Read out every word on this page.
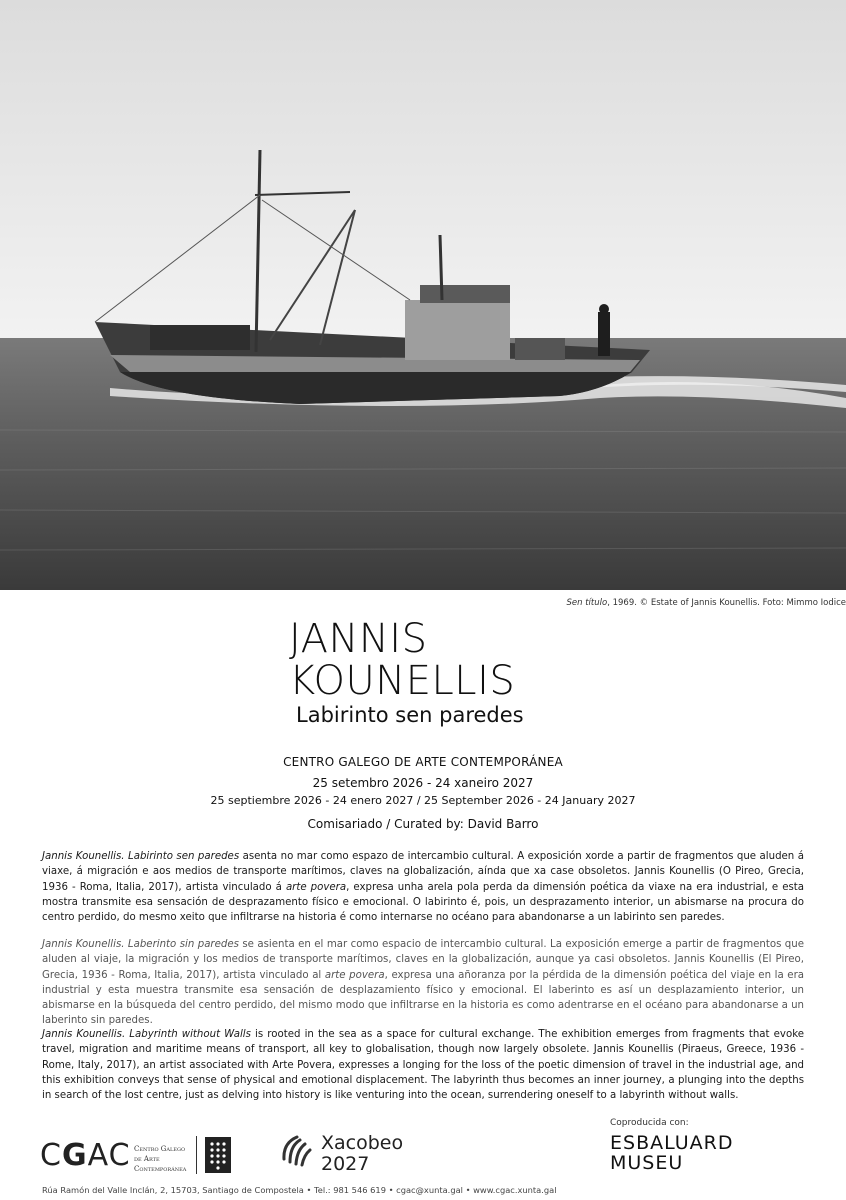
Sen título, 1969. © Estate of Jannis Kounellis. Foto: Mimmo Iodice
JANNIS
KOUNELLIS
Labirinto sen paredes
CENTRO GALEGO DE ARTE CONTEMPORÁNEA
25 setembro 2026 - 24 xaneiro 2027
25 septiembre 2026 - 24 enero 2027 / 25 September 2026 - 24 January 2027
Comisariado / Curated by: David Barro
Jannis Kounellis. Labirinto sen paredes asenta no mar como espazo de intercambio cultural. A exposición xorde a partir de fragmentos que aluden á viaxe, á migración e aos medios de transporte marítimos, claves na globalización, aínda que xa case obsoletos. Jannis Kounellis (O Pireo, Grecia, 1936 - Roma, Italia, 2017), artista vinculado á arte povera, expresa unha arela pola perda da dimensión poética da viaxe na era industrial, e esta mostra transmite esa sensación de desprazamento físico e emocional. O labirinto é, pois, un desprazamento interior, un abismarse na procura do centro perdido, do mesmo xeito que infiltrarse na historia é como internarse no océano para abandonarse a un labirinto sen paredes.
Jannis Kounellis. Laberinto sin paredes se asienta en el mar como espacio de intercambio cultural. La exposición emerge a partir de fragmentos que aluden al viaje, la migración y los medios de transporte marítimos, claves en la globalización, aunque ya casi obsoletos. Jannis Kounellis (El Pireo, Grecia, 1936 - Roma, Italia, 2017), artista vinculado al arte povera, expresa una añoranza por la pérdida de la dimensión poética del viaje en la era industrial y esta muestra transmite esa sensación de desplazamiento físico y emocional. El laberinto es así un desplazamiento interior, un abismarse en la búsqueda del centro perdido, del mismo modo que infiltrarse en la historia es como adentrarse en el océano para abandonarse a un laberinto sin paredes.
Jannis Kounellis. Labyrinth without Walls is rooted in the sea as a space for cultural exchange. The exhibition emerges from fragments that evoke travel, migration and maritime means of transport, all key to globalisation, though now largely obsolete. Jannis Kounellis (Piraeus, Greece, 1936 - Rome, Italy, 2017), an artist associated with Arte Povera, expresses a longing for the loss of the poetic dimension of travel in the industrial age, and this exhibition conveys that sense of physical and emotional displacement. The labyrinth thus becomes an inner journey, a plunging into the depths in search of the lost centre, just as delving into history is like venturing into the ocean, surrendering oneself to a labyrinth without walls.
CGAC Centro Galego
de Arte
Contemporánea
Xacobeo
2027
Coproducida con:
ESBALUARD
MUSEU
Rúa Ramón del Valle Inclán, 2, 15703, Santiago de Compostela • Tel.: 981 546 619 • cgac@xunta.gal • www.cgac.xunta.gal
